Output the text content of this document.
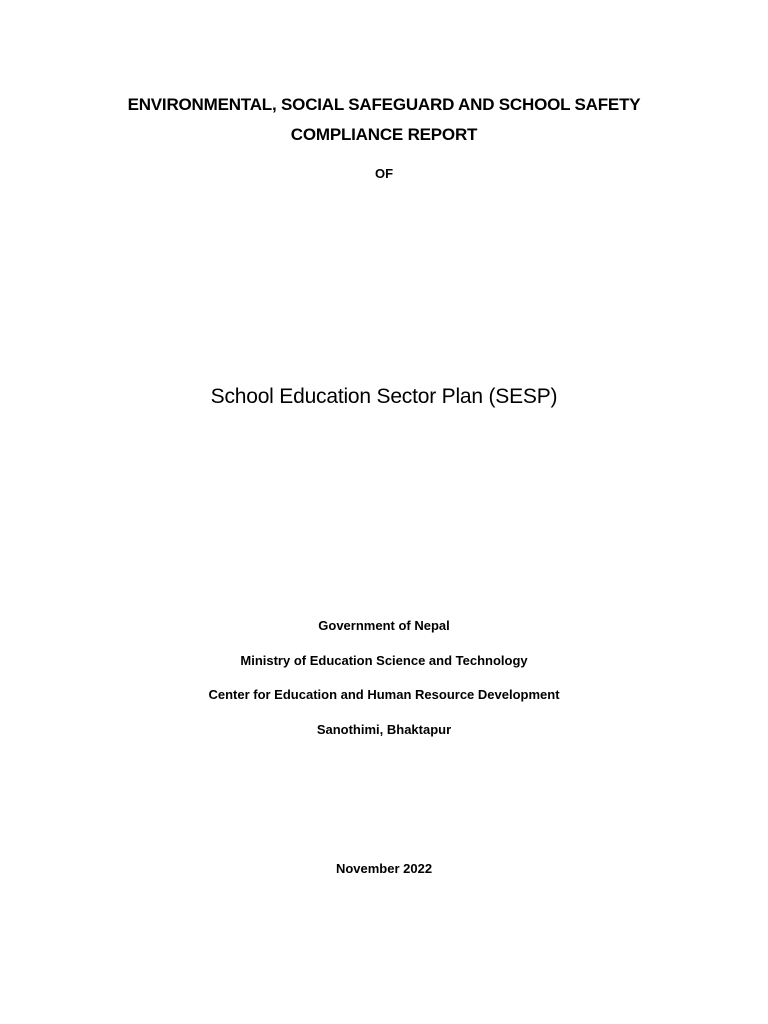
ENVIRONMENTAL, SOCIAL SAFEGUARD AND SCHOOL SAFETY
COMPLIANCE REPORT
OF
School Education Sector Plan (SESP)
Government of Nepal
Ministry of Education Science and Technology
Center for Education and Human Resource Development
Sanothimi, Bhaktapur
November 2022
